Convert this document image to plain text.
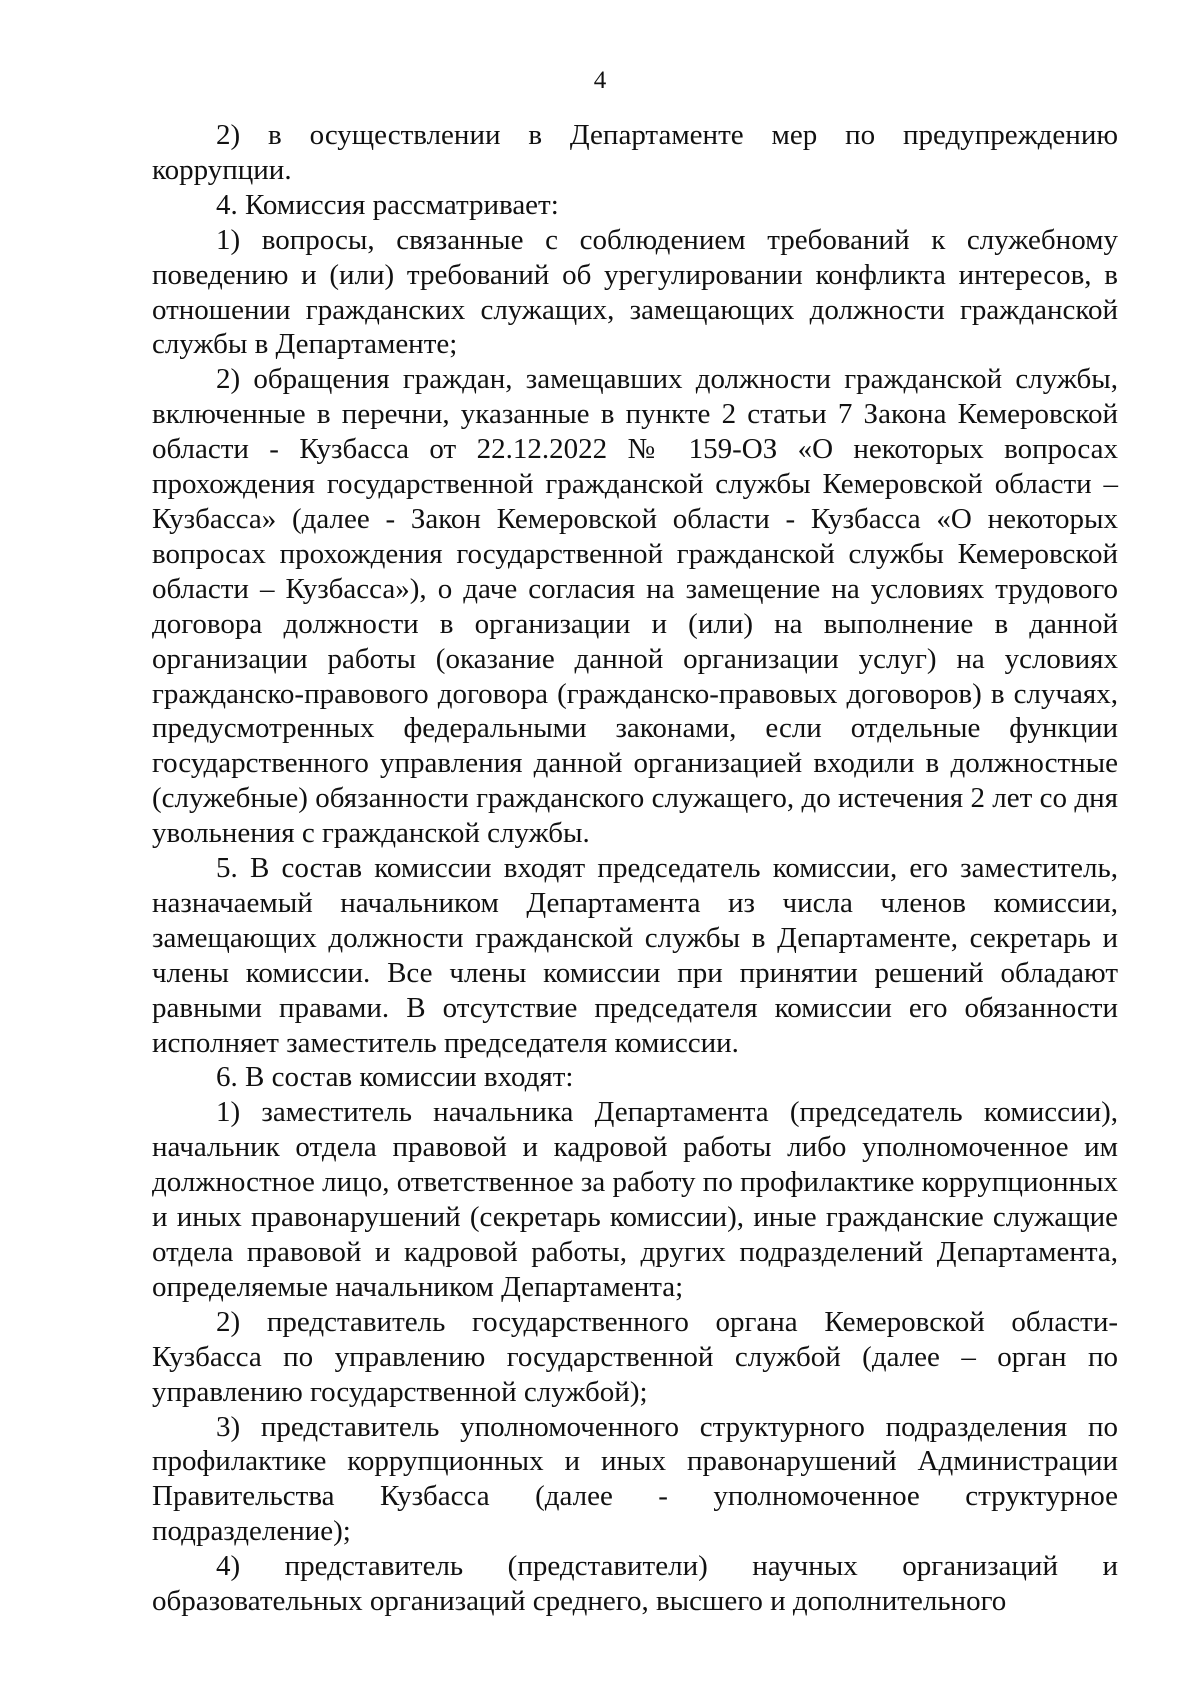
4

2) в осуществлении в Департаменте мер по предупреждению коррупции.

4. Комиссия рассматривает:

1) вопросы, связанные с соблюдением требований к служебному поведению и (или) требований об урегулировании конфликта интересов, в отношении гражданских служащих, замещающих должности гражданской службы в Департаменте;

2) обращения граждан, замещавших должности гражданской службы, включенные в перечни, указанные в пункте 2 статьи 7 Закона Кемеровской области - Кузбасса от 22.12.2022 № 159-ОЗ «О некоторых вопросах прохождения государственной гражданской службы Кемеровской области – Кузбасса» (далее - Закон Кемеровской области - Кузбасса «О некоторых вопросах прохождения государственной гражданской службы Кемеровской области – Кузбасса»), о даче согласия на замещение на условиях трудового договора должности в организации и (или) на выполнение в данной организации работы (оказание данной организации услуг) на условиях гражданско-правового договора (гражданско-правовых договоров) в случаях, предусмотренных федеральными законами, если отдельные функции государственного управления данной организацией входили в должностные (служебные) обязанности гражданского служащего, до истечения 2 лет со дня увольнения с гражданской службы.

5. В состав комиссии входят председатель комиссии, его заместитель, назначаемый начальником Департамента из числа членов комиссии, замещающих должности гражданской службы в Департаменте, секретарь и члены комиссии. Все члены комиссии при принятии решений обладают равными правами. В отсутствие председателя комиссии его обязанности исполняет заместитель председателя комиссии.

6. В состав комиссии входят:

1) заместитель начальника Департамента (председатель комиссии), начальник отдела правовой и кадровой работы либо уполномоченное им должностное лицо, ответственное за работу по профилактике коррупционных и иных правонарушений (секретарь комиссии), иные гражданские служащие отдела правовой и кадровой работы, других подразделений Департамента, определяемые начальником Департамента;

2) представитель государственного органа Кемеровской области-Кузбасса по управлению государственной службой (далее – орган по управлению государственной службой);

3) представитель уполномоченного структурного подразделения по профилактике коррупционных и иных правонарушений Администрации Правительства Кузбасса (далее - уполномоченное структурное подразделение);

4) представитель (представители) научных организаций и образовательных организаций среднего, высшего и дополнительного
